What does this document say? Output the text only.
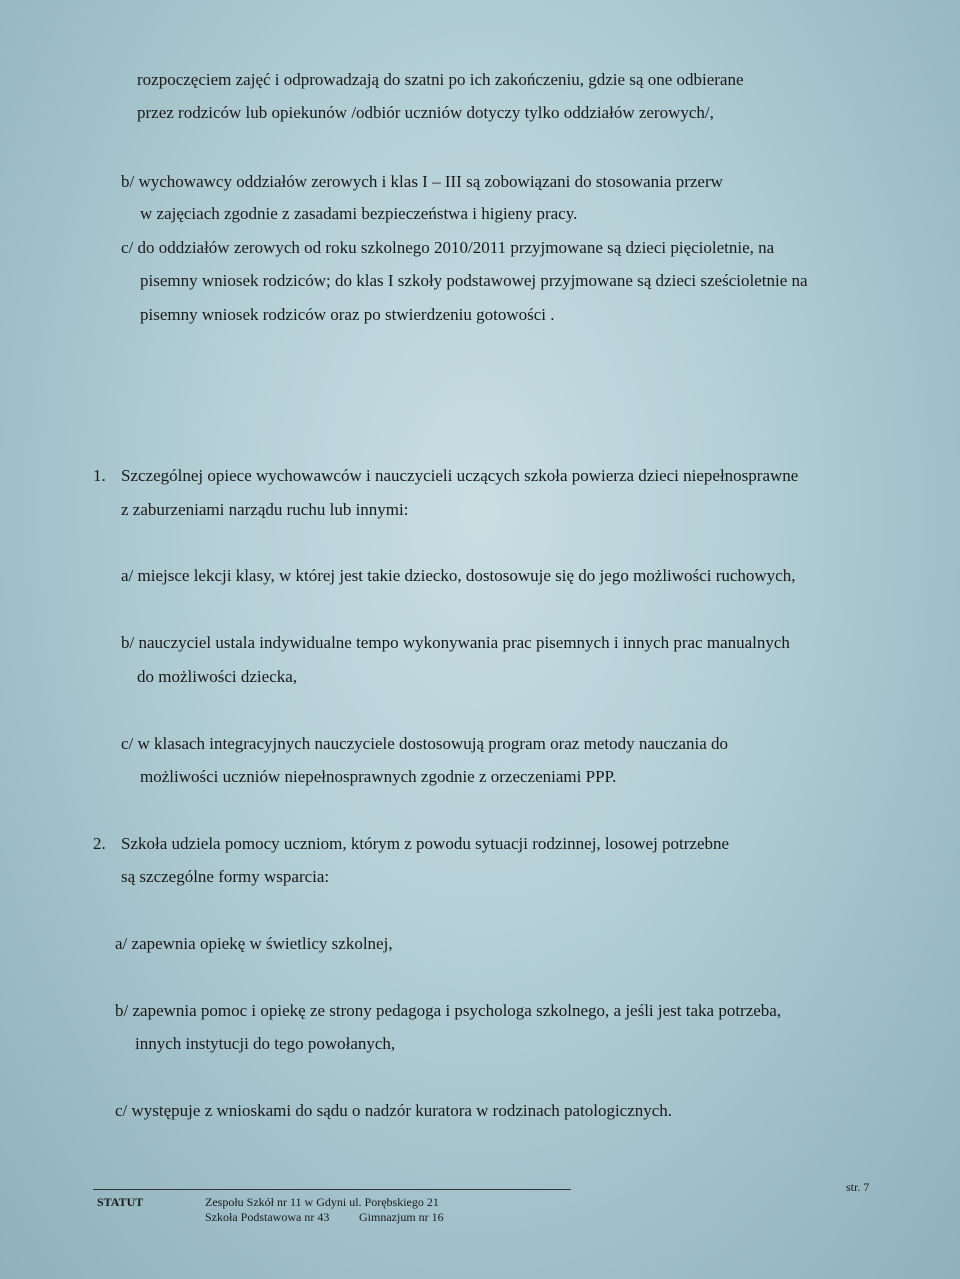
rozpoczęciem zajęć i odprowadzają do szatni po ich zakończeniu, gdzie są one odbierane
przez rodziców lub opiekunów /odbiór uczniów dotyczy tylko oddziałów zerowych/,
b/ wychowawcy oddziałów zerowych i klas I – III są zobowiązani do stosowania przerw
w zajęciach zgodnie z zasadami bezpieczeństwa i higieny pracy.
c/ do oddziałów zerowych od roku szkolnego 2010/2011 przyjmowane są dzieci pięcioletnie, na
pisemny wniosek rodziców; do klas I szkoły podstawowej przyjmowane są dzieci sześcioletnie na
pisemny wniosek rodziców oraz po stwierdzeniu gotowości .
1. Szczególnej opiece wychowawców i nauczycieli uczących szkoła powierza dzieci niepełnosprawne
z zaburzeniami narządu ruchu lub innymi:
a/ miejsce lekcji klasy, w której jest takie dziecko, dostosowuje się do jego możliwości ruchowych,
b/ nauczyciel ustala indywidualne tempo wykonywania prac pisemnych i innych prac manualnych
do możliwości dziecka,
c/ w klasach integracyjnych nauczyciele dostosowują program oraz metody nauczania do
możliwości uczniów niepełnosprawnych zgodnie z orzeczeniami PPP.
2. Szkoła udziela pomocy uczniom, którym z powodu sytuacji rodzinnej, losowej potrzebne
są szczególne formy wsparcia:
a/ zapewnia opiekę w świetlicy szkolnej,
b/ zapewnia pomoc i opiekę ze strony pedagoga i psychologa szkolnego, a jeśli jest taka potrzeba,
innych instytucji do tego powołanych,
c/ występuje z wnioskami do sądu o nadzór kuratora w rodzinach patologicznych.
str. 7
STATUT	Zespołu Szkół nr 11 w Gdyni ul. Porębskiego 21
Szkoła Podstawowa nr 43 Gimnazjum nr 16
